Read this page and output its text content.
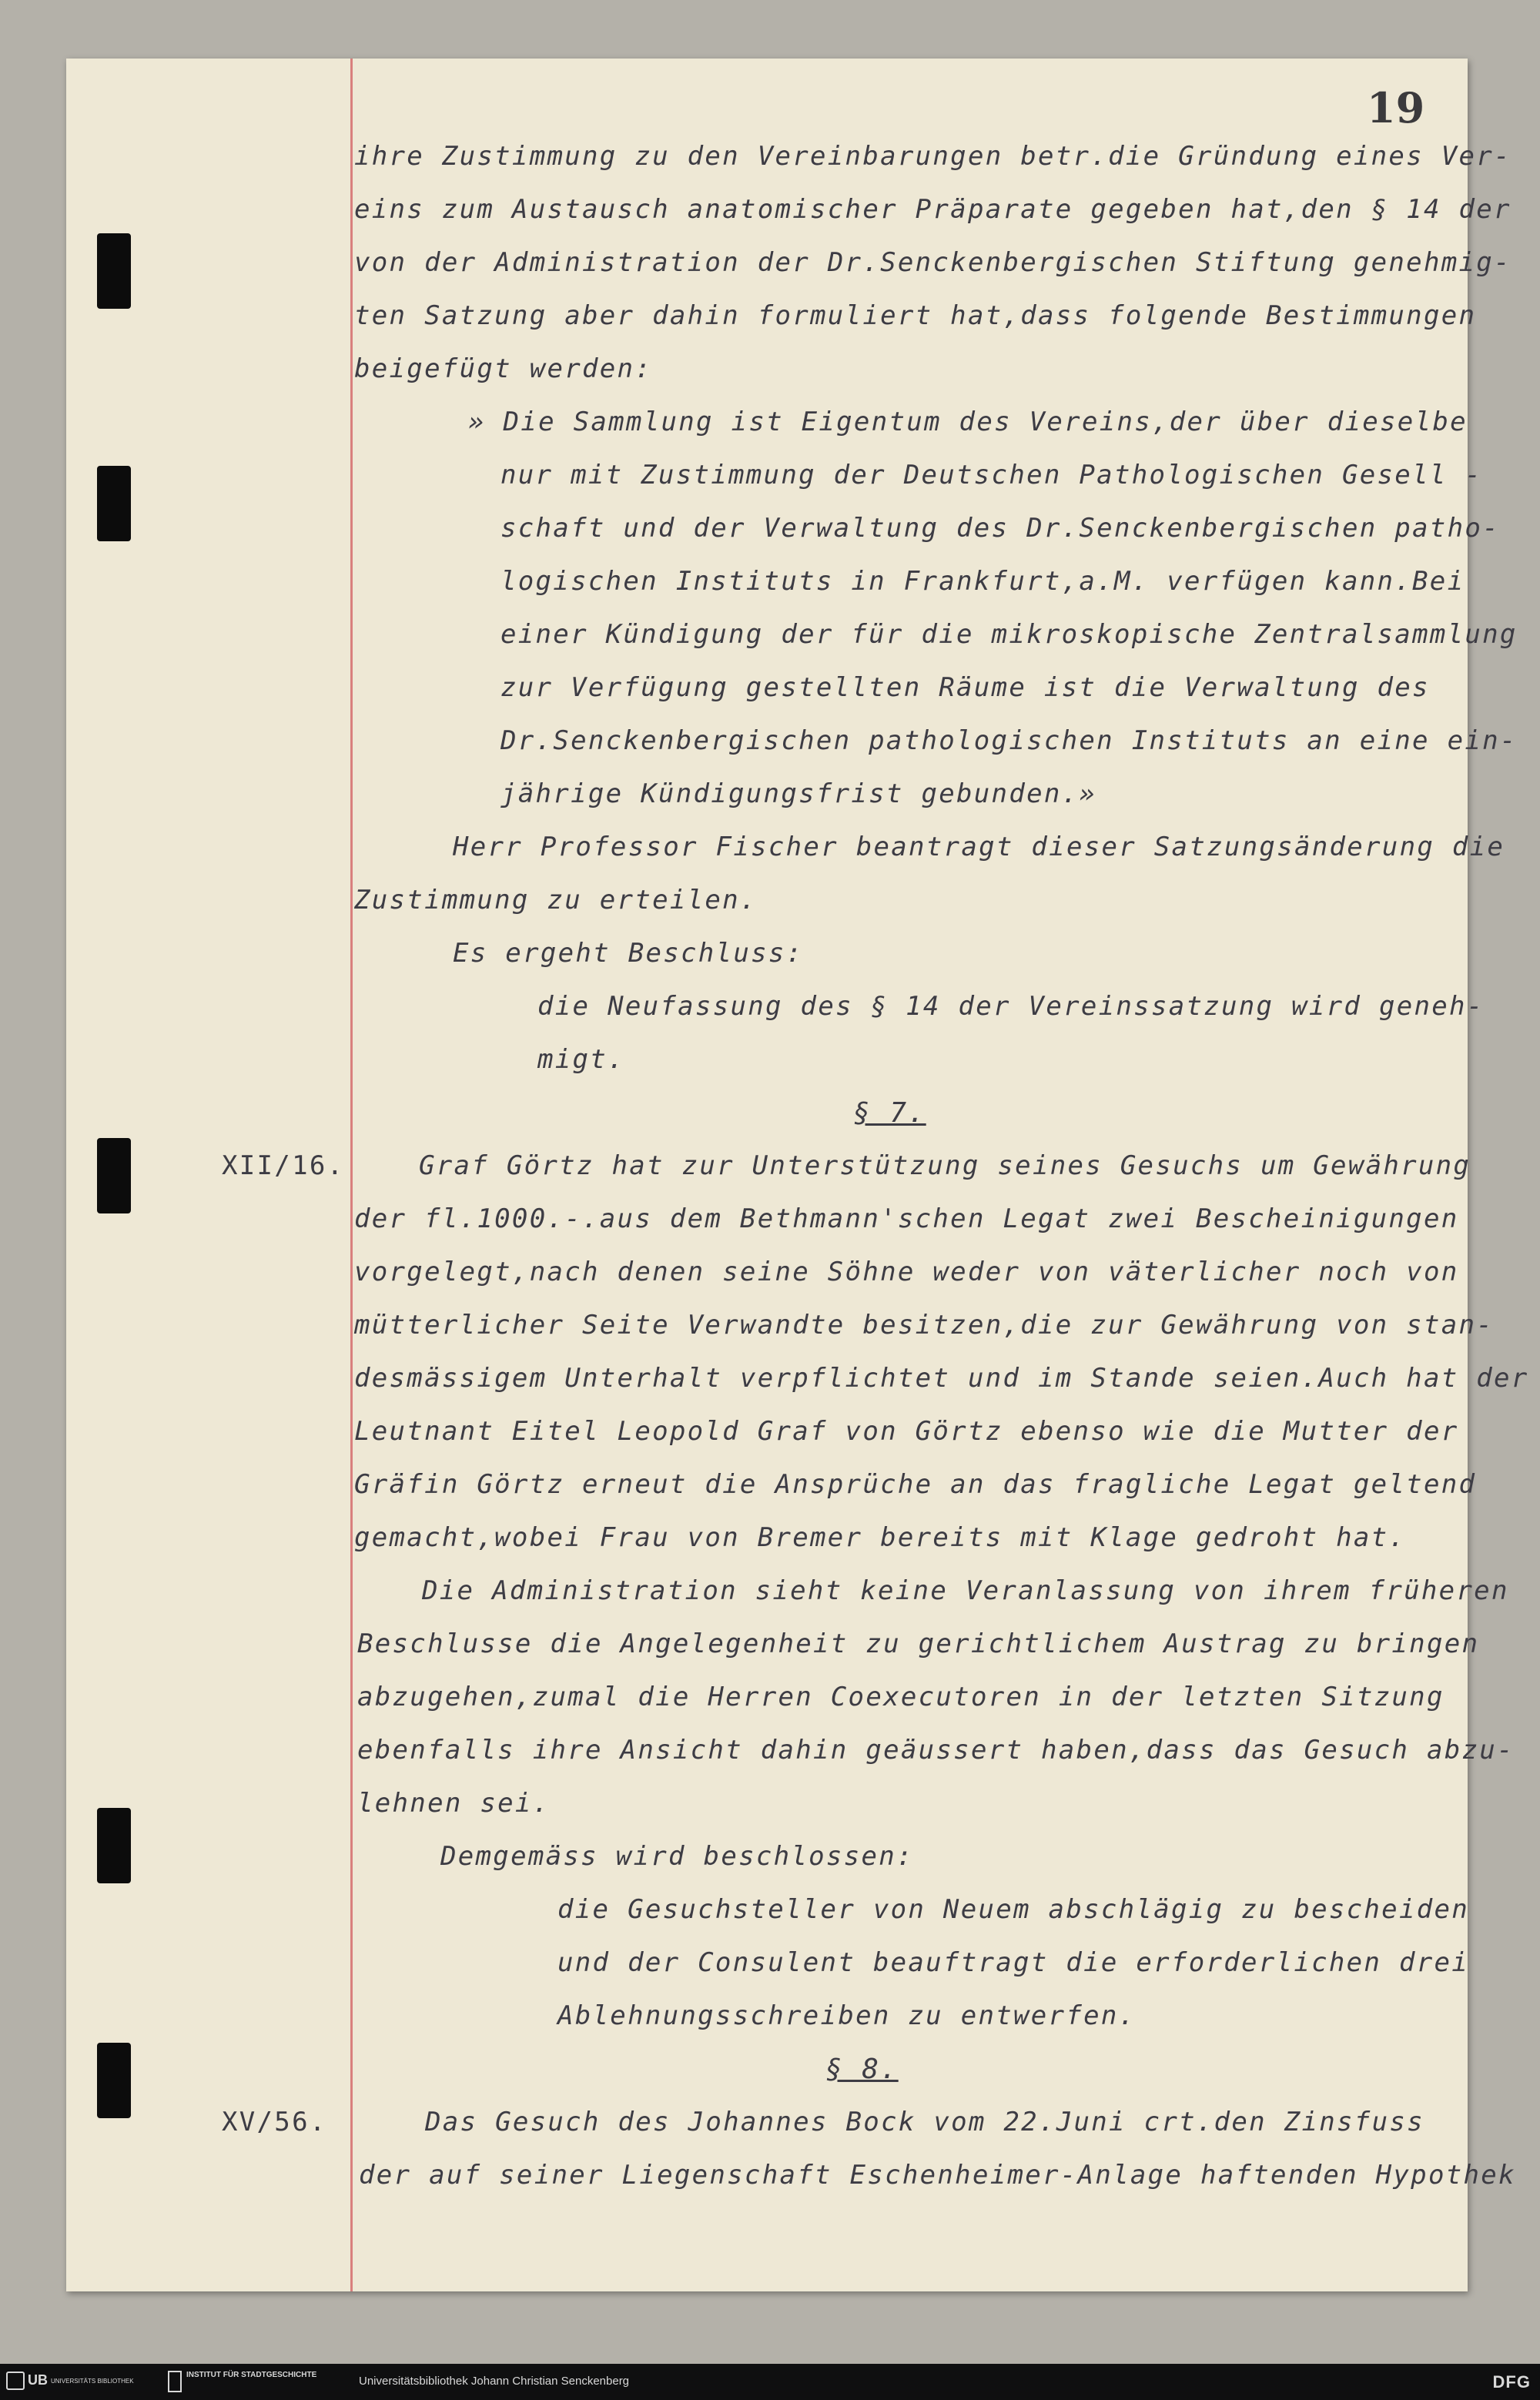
19
ihre Zustimmung zu den Vereinbarungen betr.die Gründung eines Ver-
eins zum Austausch anatomischer Präparate gegeben hat,den § 14 der
von der Administration der Dr.Senckenbergischen Stiftung genehmig-
ten Satzung aber dahin formuliert hat,dass folgende Bestimmungen
beigefügt werden:
» Die Sammlung ist Eigentum des Vereins,der über dieselbe
nur mit Zustimmung der Deutschen Pathologischen Gesell -
schaft und der Verwaltung des Dr.Senckenbergischen patho-
logischen Instituts in Frankfurt,a.M. verfügen kann.Bei
einer Kündigung der für die mikroskopische Zentralsammlung
zur Verfügung gestellten Räume ist die Verwaltung des
Dr.Senckenbergischen pathologischen Instituts an eine ein-
jährige Kündigungsfrist gebunden.»
Herr Professor Fischer beantragt dieser Satzungsänderung die
Zustimmung zu erteilen.
Es ergeht Beschluss:
die Neufassung des § 14 der Vereinssatzung wird geneh-
migt.
§ 7.
XII/16.	Graf Görtz hat zur Unterstützung seines Gesuchs um Gewährung
der fl.1000.-.aus dem Bethmann'schen Legat zwei Bescheinigungen
vorgelegt,nach denen seine Söhne weder von väterlicher noch von
mütterlicher Seite Verwandte besitzen,die zur Gewährung von stan-
desmässigem Unterhalt verpflichtet und im Stande seien.Auch hat der
Leutnant Eitel Leopold Graf von Görtz ebenso wie die Mutter der
Gräfin Görtz erneut die Ansprüche an das fragliche Legat geltend
gemacht,wobei Frau von Bremer bereits mit Klage gedroht hat.
Die Administration sieht keine Veranlassung von ihrem früheren
Beschlusse die Angelegenheit zu gerichtlichem Austrag zu bringen
abzugehen,zumal die Herren Coexecutoren in der letzten Sitzung
ebenfalls ihre Ansicht dahin geäussert haben,dass das Gesuch abzu-
lehnen sei.
Demgemäss wird beschlossen:
die Gesuchsteller von Neuem abschlägig zu bescheiden
und der Consulent beauftragt die erforderlichen drei
Ablehnungsschreiben zu entwerfen.
§ 8.
XV/56.	Das Gesuch des Johannes Bock vom 22.Juni crt.den Zinsfuss
der auf seiner Liegenschaft Eschenheimer-Anlage haftenden Hypothek
UB UNIVERSITÄTS BIBLIOTHEK
INSTITUT FÜR STADTGESCHICHTE	Universitätsbibliothek Johann Christian Senckenberg	DFG
